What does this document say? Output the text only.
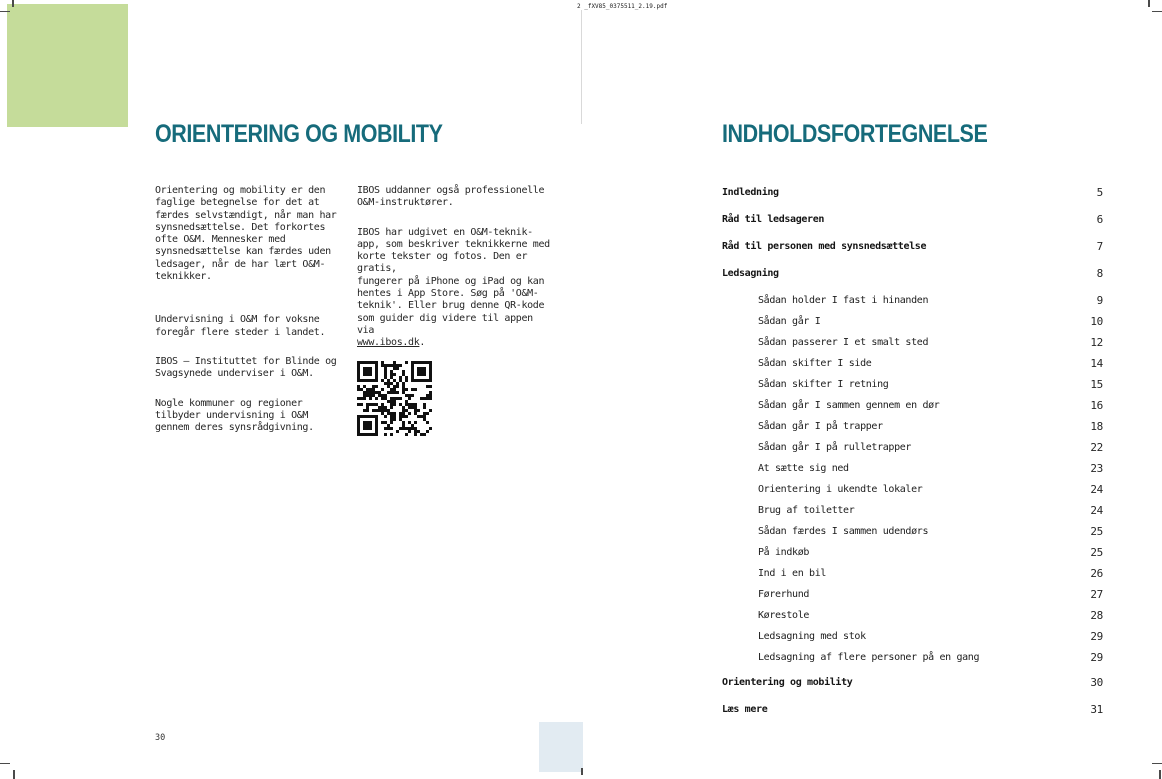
2 _fXV85_0375511_2.19.pdf
ORIENTERING OG MOBILITY

Orientering og mobility er den
faglige betegnelse for det at
færdes selvstændigt, når man har
synsnedsættelse. Det forkortes
ofte O&M. Mennesker med
synsnedsættelse kan færdes uden
ledsager, når de har lært O&M-
teknikker.

Undervisning i O&M for voksne
foregår flere steder i landet.

IBOS – Instituttet for Blinde og
Svagsynede underviser i O&M.

Nogle kommuner og regioner
tilbyder undervisning i O&M
gennem deres synsrådgivning.

IBOS uddanner også professionelle
O&M-instruktører.

IBOS har udgivet en O&M-teknik-
app, som beskriver teknikkerne med
korte tekster og fotos. Den er gratis,
fungerer på iPhone og iPad og kan
hentes i App Store. Søg på 'O&M-
teknik'. Eller brug denne QR-kode
som guider dig videre til appen via

www.ibos.dk.
30
INDHOLDSFORTEGNELSE
Indledning	5
Råd til ledsageren	6
Råd til personen med synsnedsættelse	7
Ledsagning	8
Sådan holder I fast i hinanden	9
Sådan går I	10
Sådan passerer I et smalt sted	12
Sådan skifter I side	14
Sådan skifter I retning	15
Sådan går I sammen gennem en dør	16
Sådan går I på trapper	18
Sådan går I på rulletrapper	22
At sætte sig ned	23
Orientering i ukendte lokaler	24
Brug af toiletter	24
Sådan færdes I sammen udendørs	25
På indkøb	25
Ind i en bil	26
Førerhund	27
Kørestole	28
Ledsagning med stok	29
Ledsagning af flere personer på en gang	29
Orientering og mobility	30
Læs mere	31
